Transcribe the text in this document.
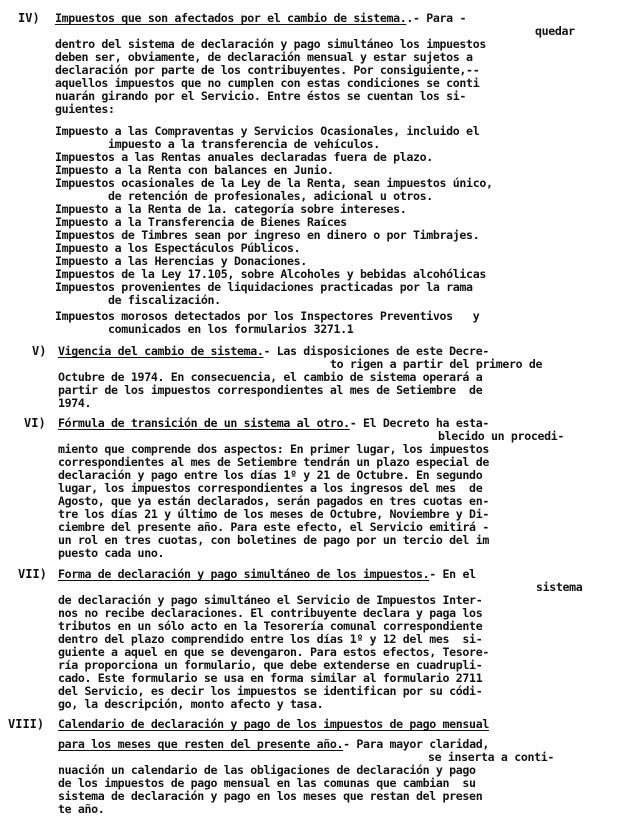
IV) Impuestos que son afectados por el cambio de sistema..- Para -
quedar
dentro del sistema de declaración y pago simultáneo los impuestos
deben ser, obviamente, de declaración mensual y estar sujetos a
declaración por parte de los contribuyentes. Por consiguiente,--
aquellos impuestos que no cumplen con estas condiciones se conti
nuarán girando por el Servicio. Entre éstos se cuentan los si-
guientes:
Impuesto a las Compraventas y Servicios Ocasionales, incluido el
impuesto a la transferencia de vehículos.
Impuestos a las Rentas anuales declaradas fuera de plazo.
Impuesto a la Renta con balances en Junio.
Impuestos ocasionales de la Ley de la Renta, sean impuestos único,
de retención de profesionales, adicional u otros.
Impuesto a la Renta de 1a. categoría sobre intereses.
Impuesto a la Transferencia de Bienes Raíces
Impuestos de Timbres sean por ingreso en dinero o por Timbrajes.
Impuesto a los Espectáculos Públicos.
Impuesto a las Herencias y Donaciones.
Impuestos de la Ley 17.105, sobre Alcoholes y bebidas alcohólicas
Impuestos provenientes de liquidaciones practicadas por la rama
de fiscalización.
Impuestos morosos detectados por los Inspectores Preventivos   y
comunicados en los formularios 3271.1
V) Vigencia del cambio de sistema.- Las disposiciones de este Decre-
to rigen a partir del primero de
Octubre de 1974. En consecuencia, el cambio de sistema operará a
partir de los impuestos correspondientes al mes de Setiembre  de
1974.
VI) Fórmula de transición de un sistema al otro.- El Decreto ha esta-
blecido un procedi-
miento que comprende dos aspectos: En primer lugar, los impuestos
correspondientes al mes de Setiembre tendrán un plazo especial de
declaración y pago entre los días 1º y 21 de Octubre. En segundo
lugar, los impuestos correspondientes a los ingresos del mes  de
Agosto, que ya están declarados, serán pagados en tres cuotas en-
tre los días 21 y último de los meses de Octubre, Noviembre y Di-
ciembre del presente año. Para este efecto, el Servicio emitirá -
un rol en tres cuotas, con boletines de pago por un tercio del im
puesto cada uno.
VII) Forma de declaración y pago simultáneo de los impuestos.- En el
sistema
de declaración y pago simultáneo el Servicio de Impuestos Inter-
nos no recibe declaraciones. El contribuyente declara y paga los
tributos en un sólo acto en la Tesorería comunal correspondiente
dentro del plazo comprendido entre los días 1º y 12 del mes  si-
guiente a aquel en que se devengaron. Para estos efectos, Tesore-
ría proporciona un formulario, que debe extenderse en cuadrupli-
cado. Este formulario se usa en forma similar al formulario 2711
del Servicio, es decir los impuestos se identifican por su códi-
go, la descripción, monto afecto y tasa.
VIII) Calendario de declaración y pago de los impuestos de pago mensual
para los meses que resten del presente año.- Para mayor claridad,
se inserta a conti-
nuación un calendario de las obligaciones de declaración y pago
de los impuestos de pago mensual en las comunas que cambian  su
sistema de declaración y pago en los meses que restan del presen
te año.
